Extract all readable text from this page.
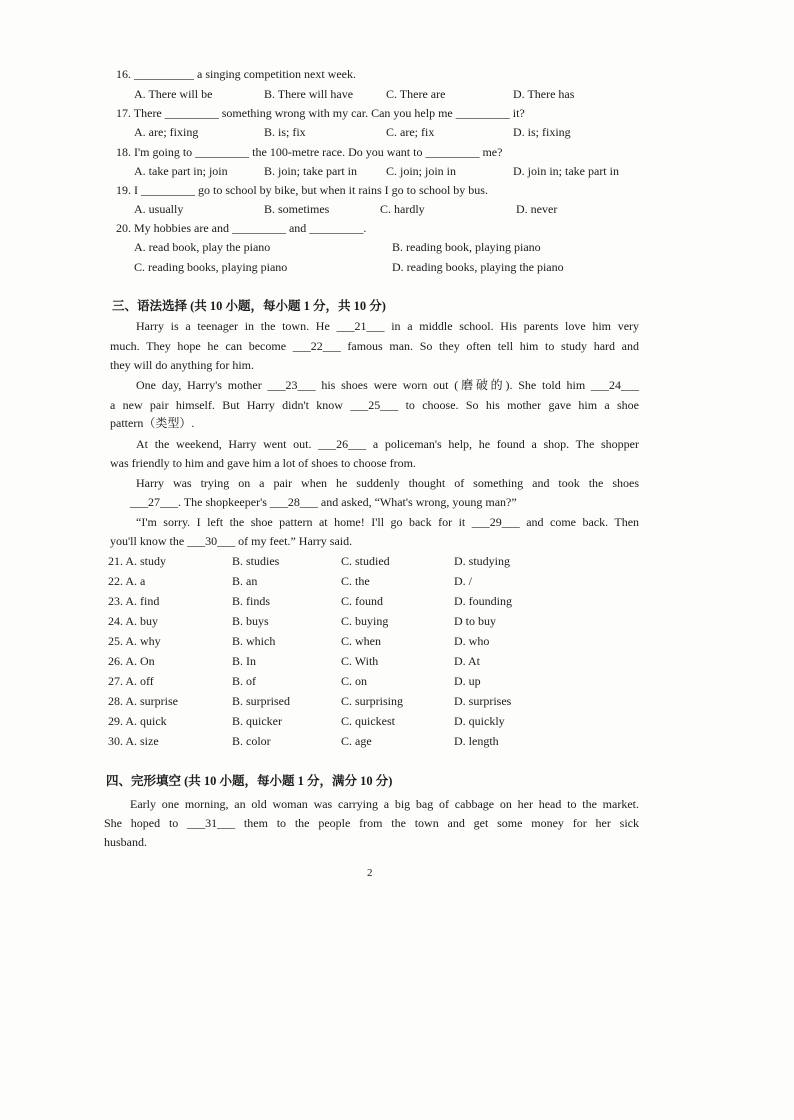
16. __________ a singing competition next week.
A. There will be	B. There will have	C. There are	D. There has
17. There _________ something wrong with my car. Can you help me _________ it?
A. are; fixing	B. is; fix	C. are; fix	D. is; fixing
18. I'm going to _________ the 100-metre race. Do you want to _________ me?
A. take part in; join	B. join; take part in C. join; join in	D. join in; take part in
19. I _________ go to school by bike, but when it rains I go to school by bus.
A. usually	B. sometimes	C. hardly	D. never
20. My hobbies are and _________ and _________.
A. read book, play the piano	B. reading book, playing piano
C. reading books, playing piano	D. reading books, playing the piano
三、语法选择 (共 10 小题，每小题 1 分，共 10 分)
Harry is a teenager in the town. He ___21___ in a middle school. His parents love him very
much. They hope he can become ___22___ famous man. So they often tell him to study hard and
they will do anything for him.
One day, Harry's mother ___23___ his shoes were worn out (磨破的). She told him ___24___
a new pair himself. But Harry didn't know ___25___ to choose. So his mother gave him a shoe
pattern（类型）.
At the weekend, Harry went out. ___26___ a policeman's help, he found a shop. The shopper
was friendly to him and gave him a lot of shoes to choose from.
Harry was trying on a pair when he suddenly thought of something and took the shoes
___27___. The shopkeeper's ___28___ and asked, “What's wrong, young man?”
“I'm sorry. I left the shoe pattern at home! I'll go back for it ___29___ and come back. Then
you'll know the ___30___ of my feet.” Harry said.
21. A. study	B. studies	C. studied	D. studying
22. A. a	B. an	C. the	D. /
23. A. find	B. finds	C. found	D. founding
24. A. buy	B. buys	C. buying	D to buy
25. A. why	B. which	C. when	D. who
26. A. On	B. In	C. With	D. At
27. A. off	B. of	C. on	D. up
28. A. surprise	B. surprised	C. surprising	D. surprises
29. A. quick	B. quicker	C. quickest	D. quickly
30. A. size	B. color	C. age	D. length
四、完形填空 (共 10 小题，每小题 1 分，满分 10 分)
Early one morning, an old woman was carrying a big bag of cabbage on her head to the market.
She hoped to ___31___ them to the people from the town and get some money for her sick
husband.
2
